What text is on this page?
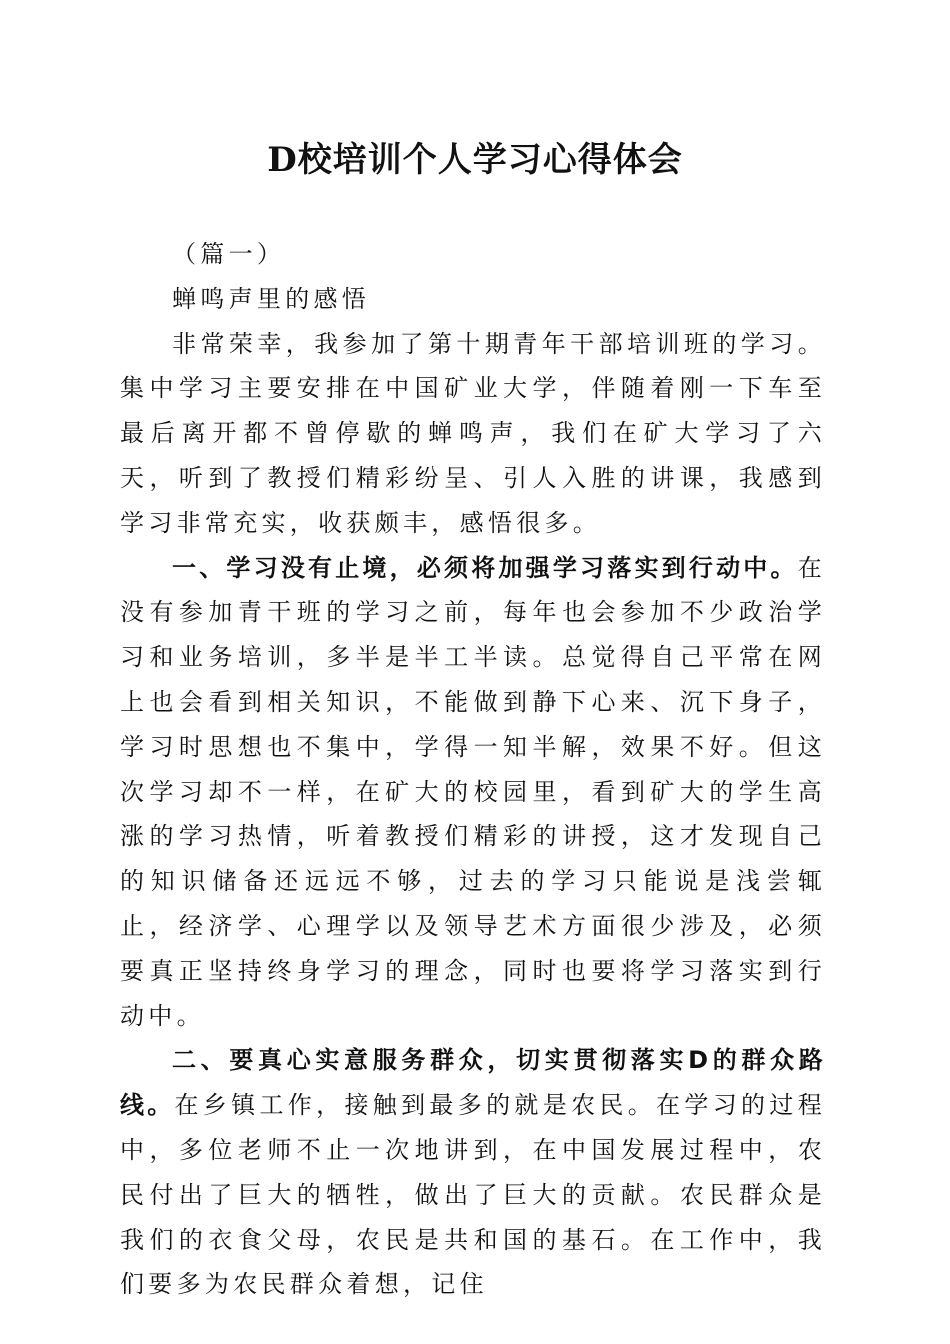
D校培训个人学习心得体会

（篇一）

蝉鸣声里的感悟

非常荣幸，我参加了第十期青年干部培训班的学习。集中学习主要安排在中国矿业大学，伴随着刚一下车至最后离开都不曾停歇的蝉鸣声，我们在矿大学习了六天，听到了教授们精彩纷呈、引人入胜的讲课，我感到学习非常充实，收获颇丰，感悟很多。

一、学习没有止境，必须将加强学习落实到行动中。在没有参加青干班的学习之前，每年也会参加不少政治学习和业务培训，多半是半工半读。总觉得自己平常在网上也会看到相关知识，不能做到静下心来、沉下身子，学习时思想也不集中，学得一知半解，效果不好。但这次学习却不一样，在矿大的校园里，看到矿大的学生高涨的学习热情，听着教授们精彩的讲授，这才发现自己的知识储备还远远不够，过去的学习只能说是浅尝辄止，经济学、心理学以及领导艺术方面很少涉及，必须要真正坚持终身学习的理念，同时也要将学习落实到行动中。

二、要真心实意服务群众，切实贯彻落实D的群众路线。在乡镇工作，接触到最多的就是农民。在学习的过程中，多位老师不止一次地讲到，在中国发展过程中，农民付出了巨大的牺牲，做出了巨大的贡献。农民群众是我们的衣食父母，农民是共和国的基石。在工作中，我们要多为农民群众着想，记住
